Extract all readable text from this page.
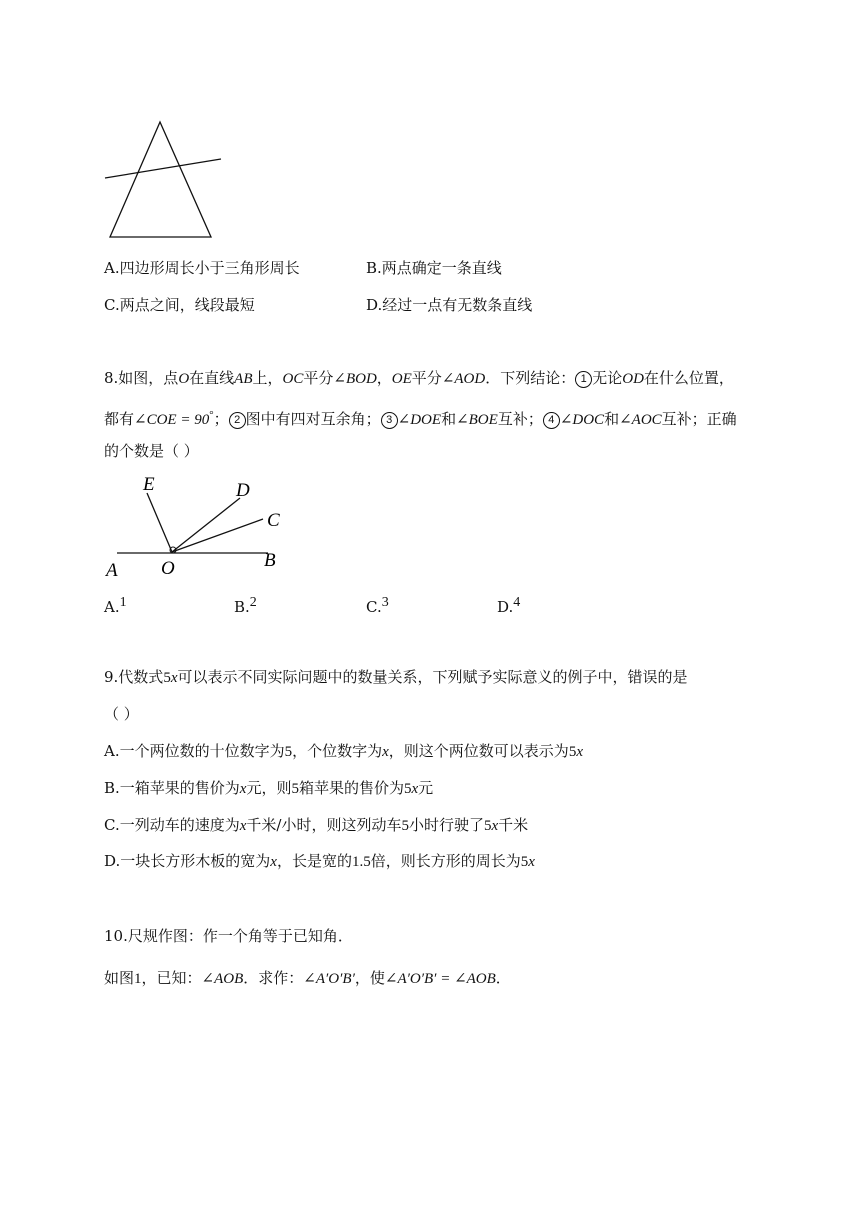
A.四边形周长小于三角形周长	B.两点确定一条直线
C.两点之间，线段最短	D.经过一点有无数条直线
8.如图，点O在直线AB上，OC平分∠BOD，OE平分∠AOD．下列结论： 1 无论OD在什么位置，
都有∠COE = 90°； 2 图中有四对互余角； 3 ∠DOE和∠BOE互补； 4 ∠DOC和∠AOC互补；正确
的个数是（ ）
E	D
C
A O	B
A.$^1$	B.$^2$	C.$^3$	D.$^4$
9.代数式5x可以表示不同实际问题中的数量关系，下列赋予实际意义的例子中，错误的是
（ ）
A.一个两位数的十位数字为5，个位数字为x，则这个两位数可以表示为5x
B.一箱苹果的售价为x元，则5箱苹果的售价为5x元
C.一列动车的速度为x千米/小时，则这列动车5小时行驶了5x千米
D.一块长方形木板的宽为x，长是宽的1.5倍，则长方形的周长为5x
10.尺规作图：作一个角等于已知角．
如图1，已知：∠AOB．求作：∠A′O′B′，使∠A′O′B′ = ∠AOB．
